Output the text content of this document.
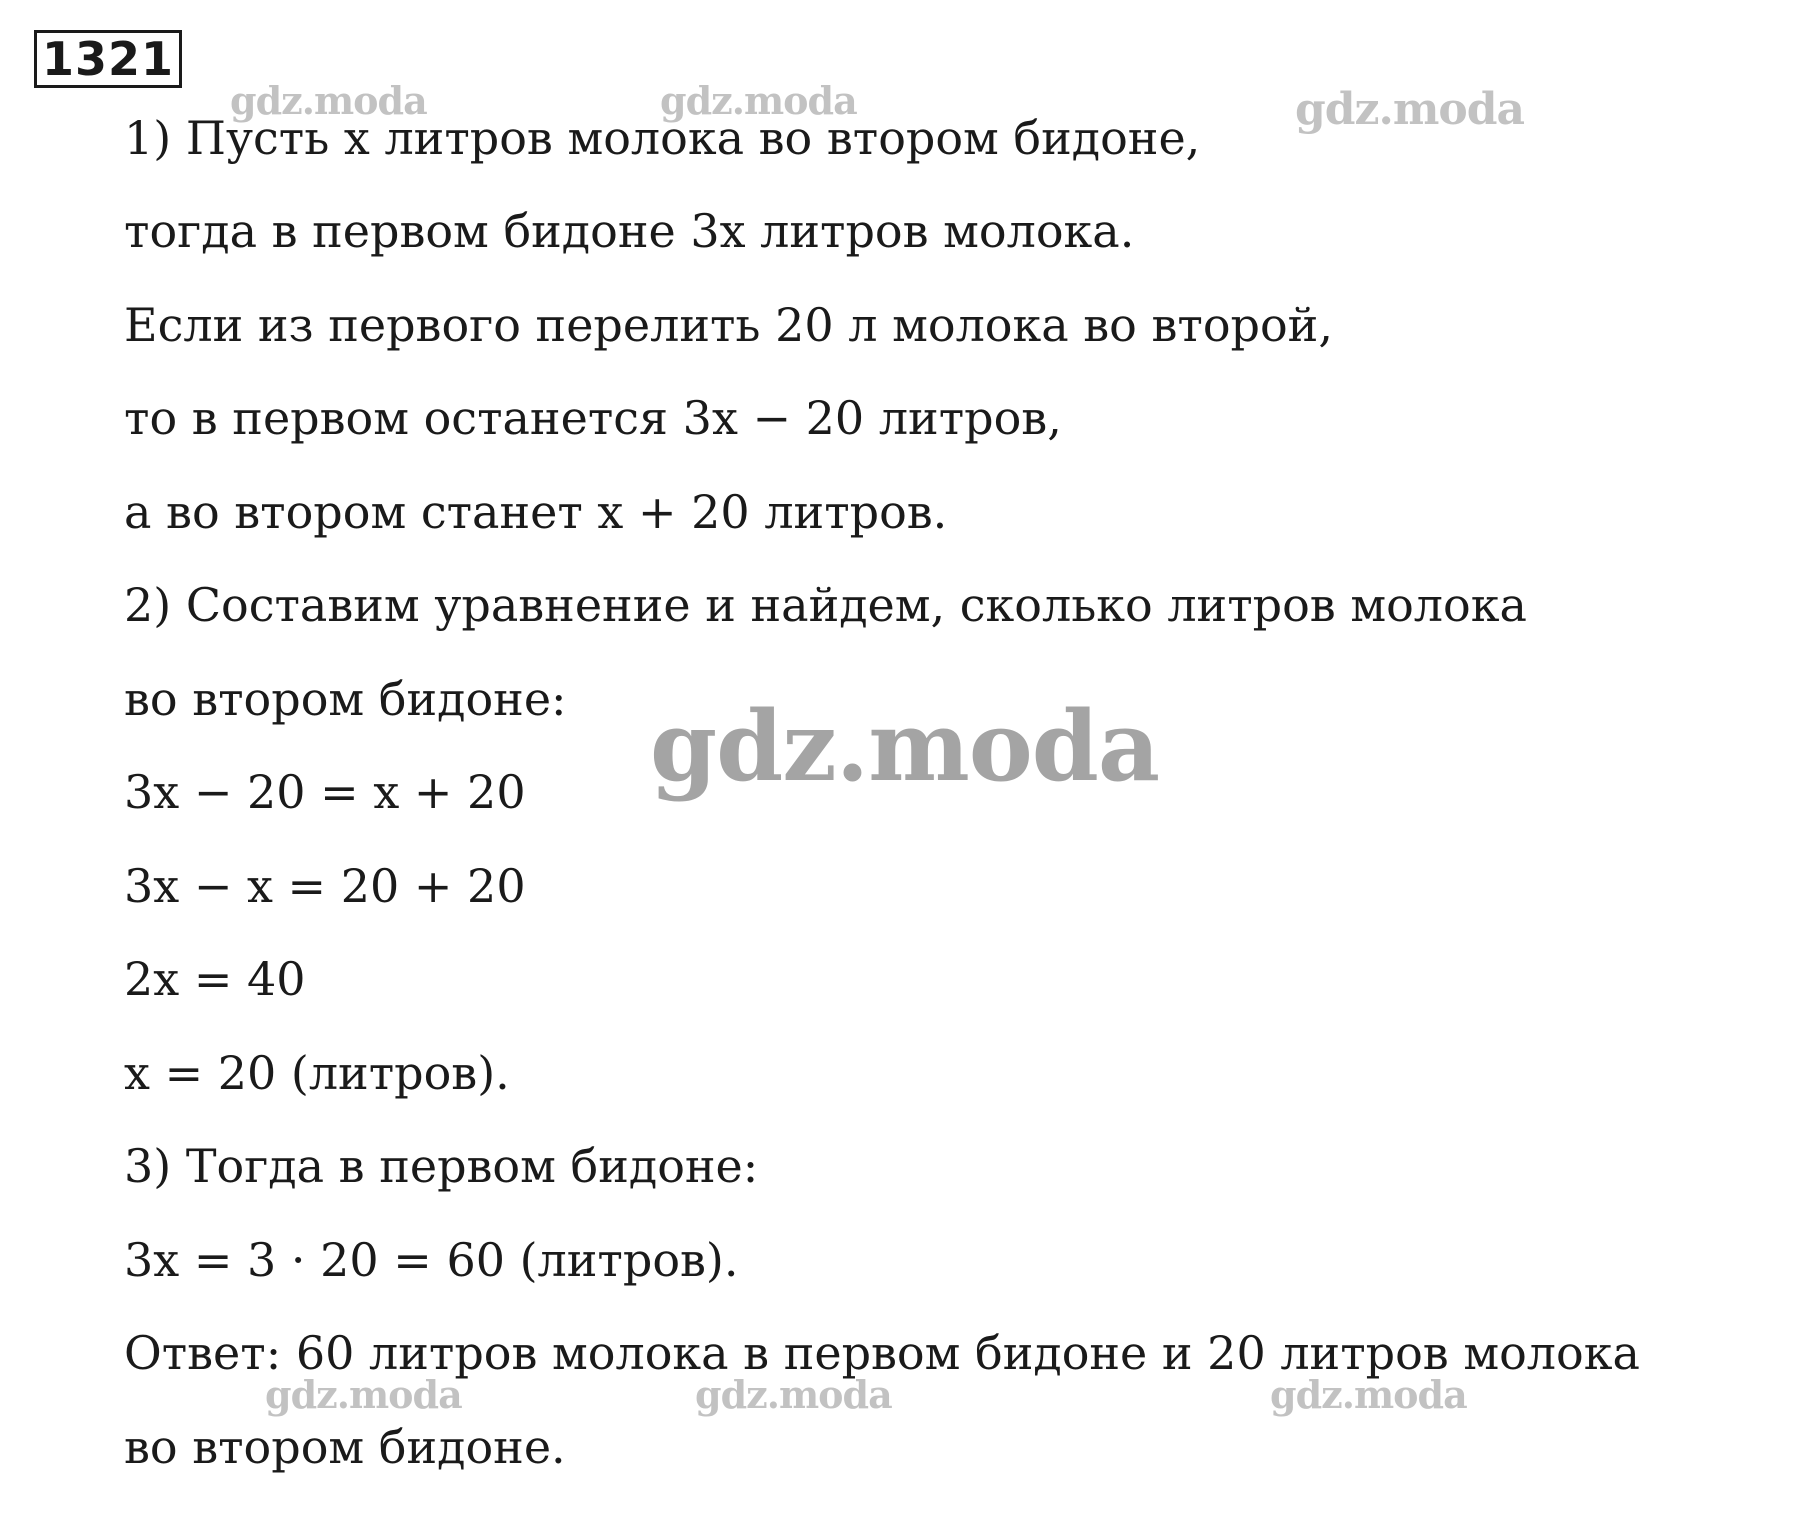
1321
1) Пусть x литров молока во втором бидоне,
тогда в первом бидоне 3x литров молока.
Если из первого перелить 20 л молока во второй,
то в первом останется 3x − 20 литров,
а во втором станет x + 20 литров.
2) Составим уравнение и найдем, сколько литров молока
во втором бидоне:
3x − 20 = x + 20
3x − x = 20 + 20
2x = 40
x = 20 (литров).
3) Тогда в первом бидоне:
3x = 3 · 20 = 60 (литров).
Ответ: 60 литров молока в первом бидоне и 20 литров молока
во втором бидоне.
gdz.moda	gdz.moda	gdz.moda
gdz.moda
gdz.moda	gdz.moda	gdz.moda
